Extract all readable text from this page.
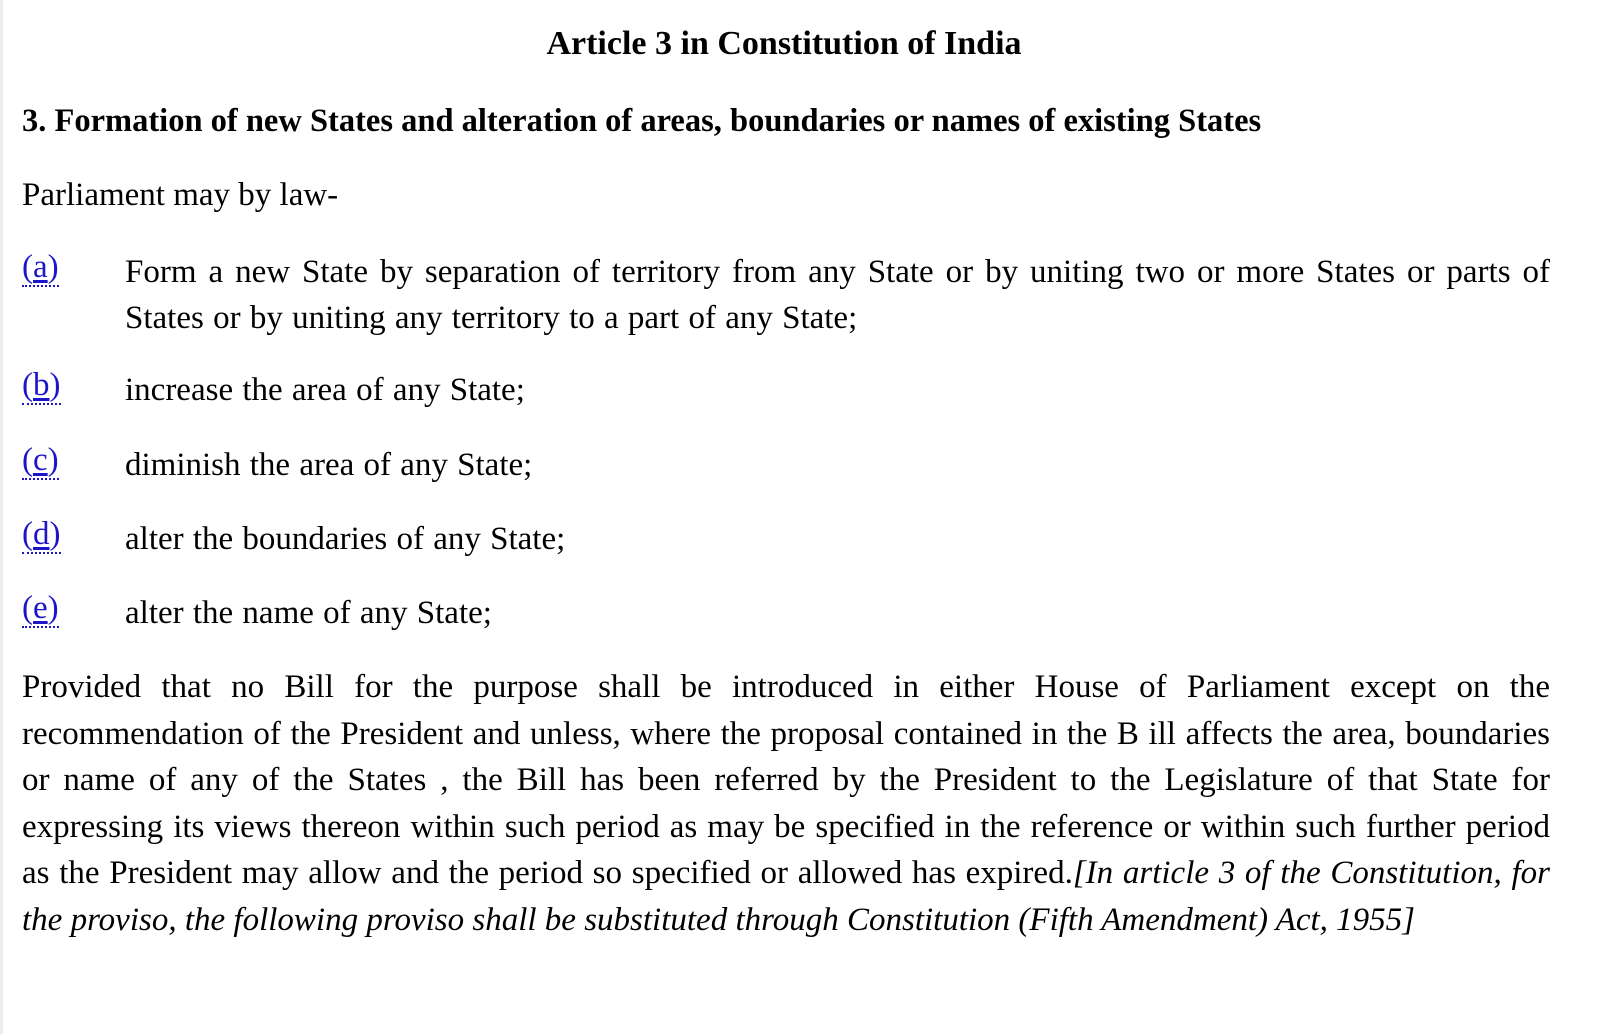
Article 3 in Constitution of India
3. Formation of new States and alteration of areas, boundaries or names of existing States

Parliament may by law-

(a) Form a new State by separation of territory from any State or by uniting two or more States or parts of States or by uniting any territory to a part of any State;
(b) increase the area of any State;
(c) diminish the area of any State;
(d) alter the boundaries of any State;
(e) alter the name of any State;

Provided that no Bill for the purpose shall be introduced in either House of Parliament except on the recommendation of the President and unless, where the proposal contained in the B ill affects the area, boundaries or name of any of the States , the Bill has been referred by the President to the Legislature of that State for expressing its views thereon within such period as may be specified in the reference or within such further period as the President may allow and the period so specified or allowed has expired.[In article 3 of the Constitution, for the proviso, the following proviso shall be substituted through Constitution (Fifth Amendment) Act, 1955]
